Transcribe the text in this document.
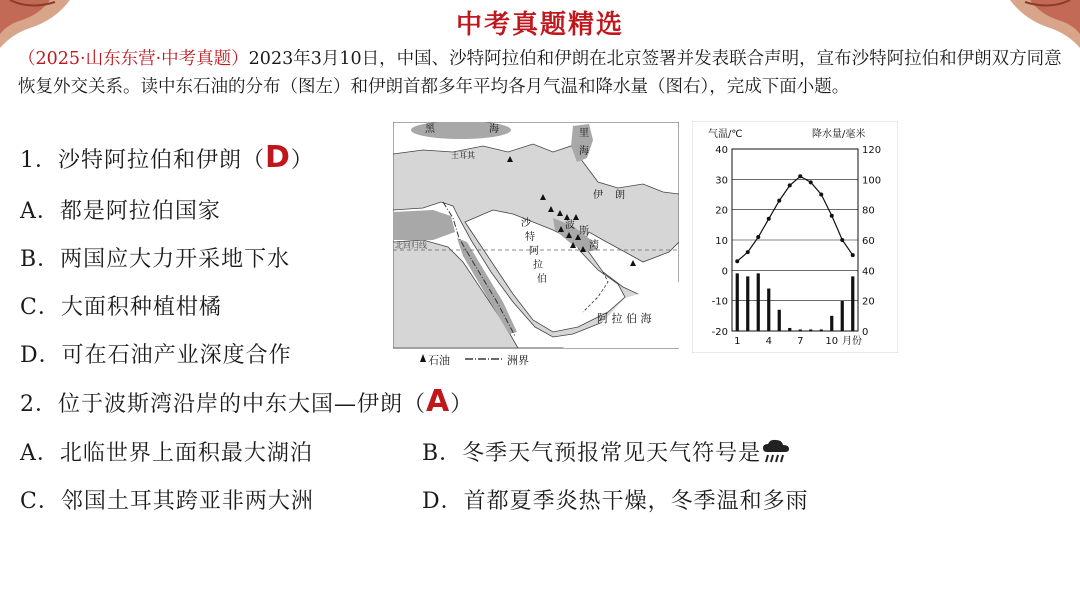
中考真题精选
（2025·山东东营·中考真题）2023年3月10日，中国、沙特阿拉伯和伊朗在北京签署并发表联合声明，宣布沙特阿拉伯和伊朗双方同意恢复外交关系。读中东石油的分布（图左）和伊朗首都多年平均各月气温和降水量（图右），完成下面小题。
1．沙特阿拉伯和伊朗（D）
A．都是阿拉伯国家
B．两国应大力开采地下水
C．大面积种植柑橘
D．可在石油产业深度合作
2．位于波斯湾沿岸的中东大国—伊朗（A）
A．北临世界上面积最大湖泊	B．冬季天气预报常见天气符号是
C．邻国土耳其跨亚非两大洲	D．首都夏季炎热干燥，冬季温和多雨
黑	海	里
海
土耳其
伊 朗
沙
特
阿
拉
伯
波
斯
湾
北回归线
阿 拉 伯 海
石油	洲界
气温/℃	降水量/毫米
月份
40
30
20
10
0
-10
-20
120
100
80
60
40
20
0
1	4	7 10
